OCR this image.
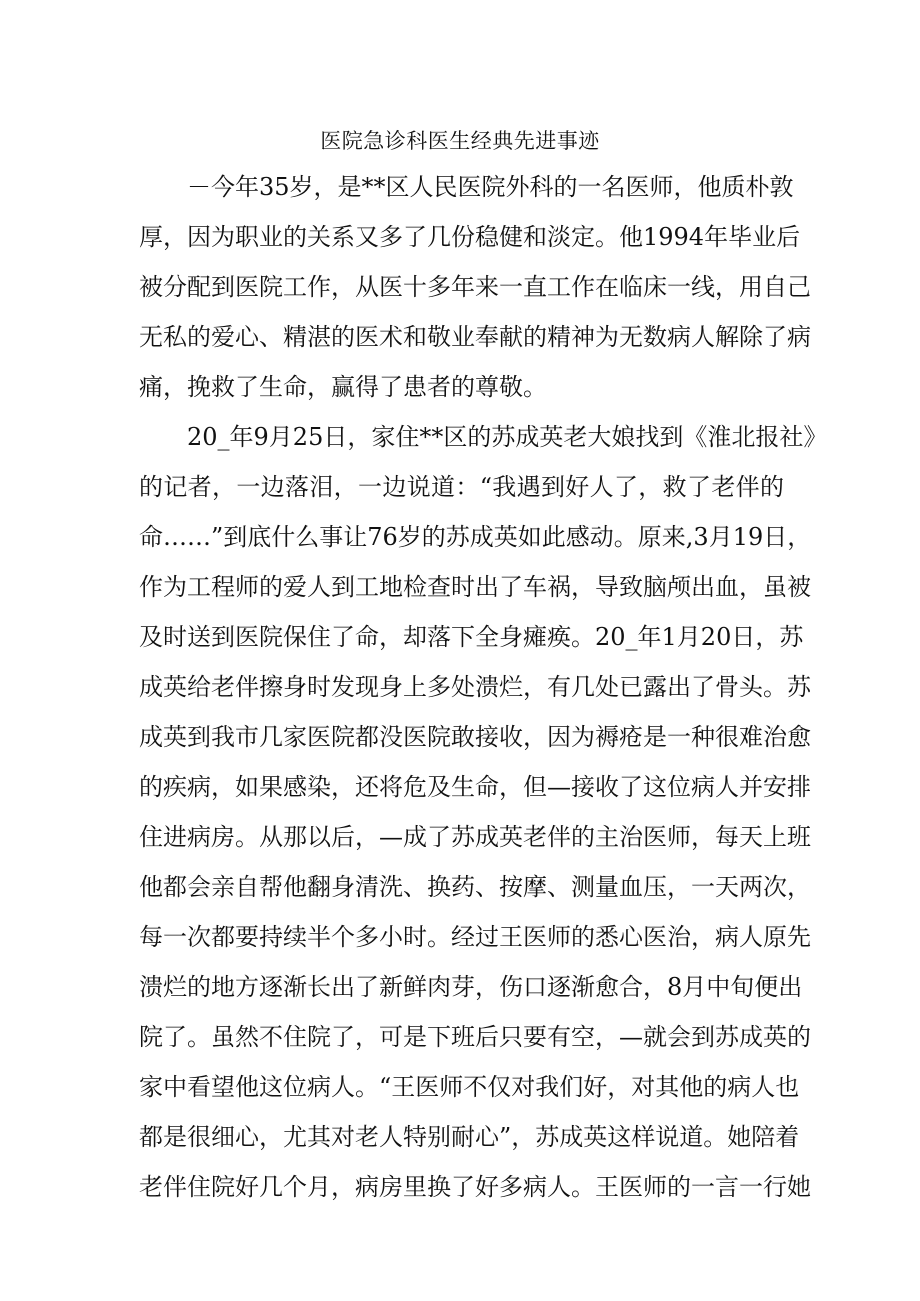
医院急诊科医生经典先进事迹
－今年35岁，是**区人民医院外科的一名医师，他质朴敦
厚，因为职业的关系又多了几份稳健和淡定。他1994年毕业后
被分配到医院工作，从医十多年来一直工作在临床一线，用自己
无私的爱心、精湛的医术和敬业奉献的精神为无数病人解除了病
痛，挽救了生命，赢得了患者的尊敬。
20_年9月25日，家住**区的苏成英老大娘找到《淮北报社》
的记者，一边落泪，一边说道：“我遇到好人了，救了老伴的
命……”到底什么事让76岁的苏成英如此感动。原来,3月19日，
作为工程师的爱人到工地检查时出了车祸，导致脑颅出血，虽被
及时送到医院保住了命，却落下全身瘫痪。20_年1月20日，苏
成英给老伴擦身时发现身上多处溃烂，有几处已露出了骨头。苏
成英到我市几家医院都没医院敢接收，因为褥疮是一种很难治愈
的疾病，如果感染，还将危及生命，但—接收了这位病人并安排
住进病房。从那以后，—成了苏成英老伴的主治医师，每天上班
他都会亲自帮他翻身清洗、换药、按摩、测量血压，一天两次，
每一次都要持续半个多小时。经过王医师的悉心医治，病人原先
溃烂的地方逐渐长出了新鲜肉芽，伤口逐渐愈合，8月中旬便出
院了。虽然不住院了，可是下班后只要有空，—就会到苏成英的
家中看望他这位病人。“王医师不仅对我们好，对其他的病人也
都是很细心，尤其对老人特别耐心”，苏成英这样说道。她陪着
老伴住院好几个月，病房里换了好多病人。王医师的一言一行她
